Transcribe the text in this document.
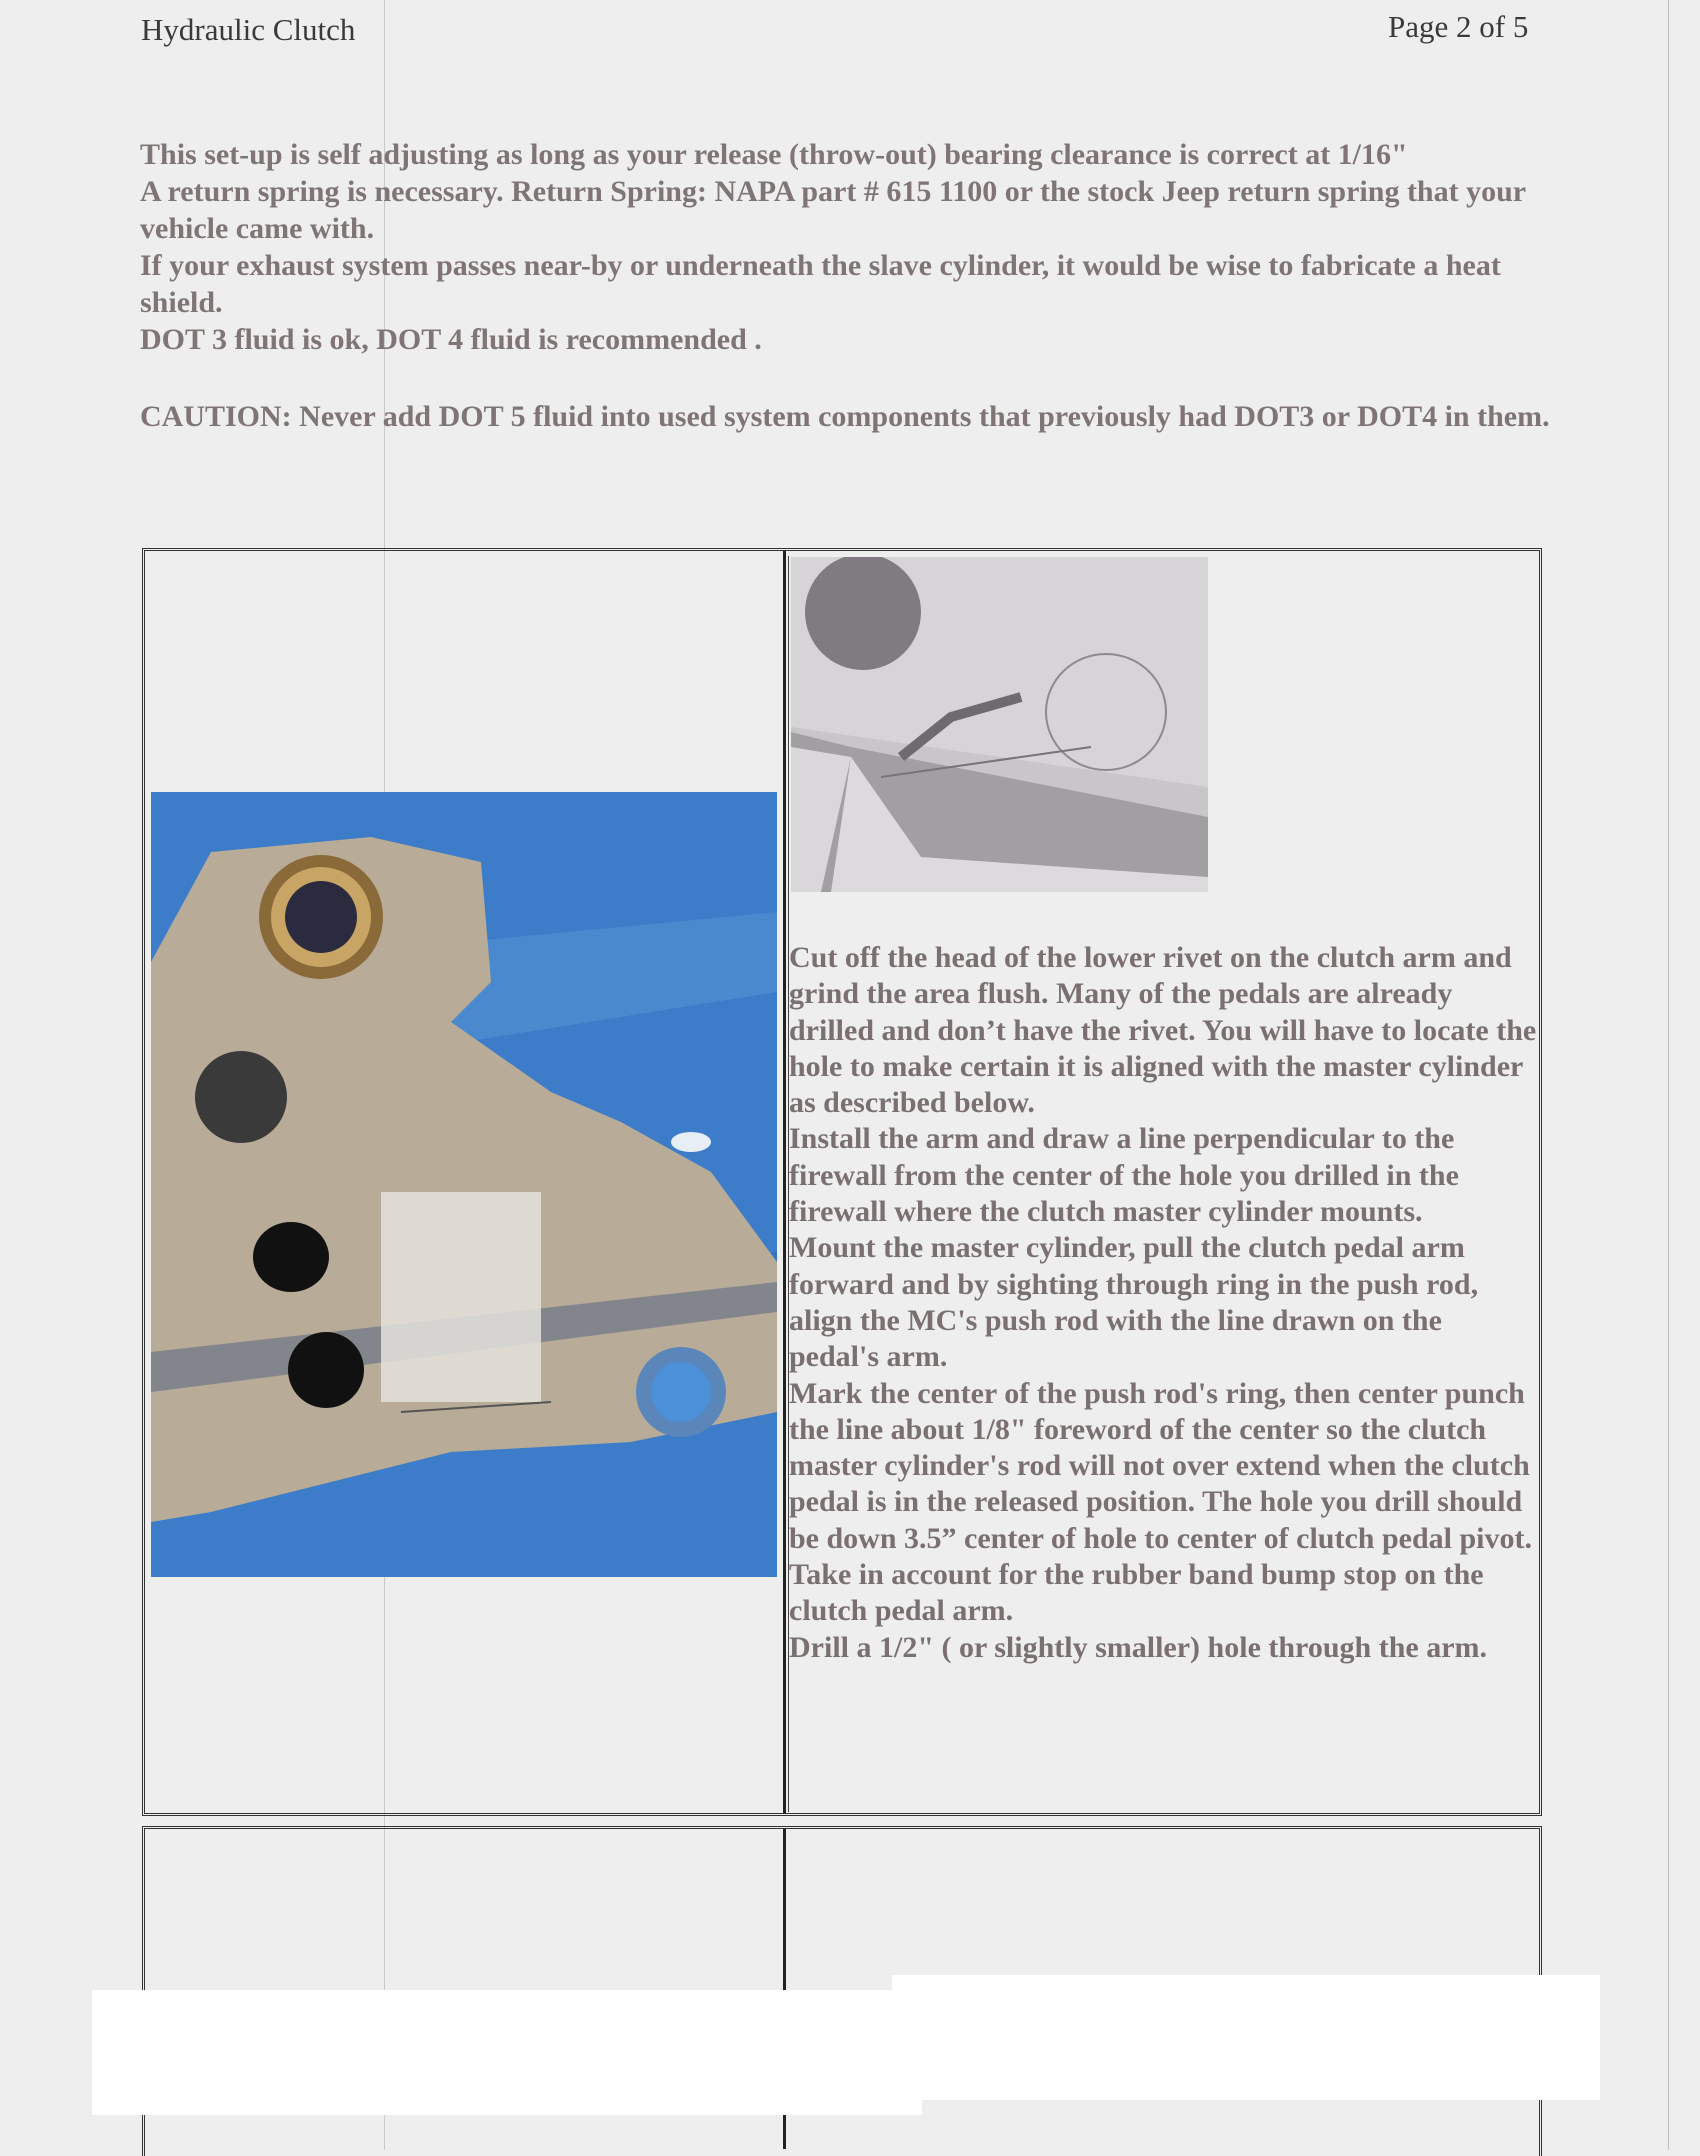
Hydraulic Clutch	Page 2 of 5

This set-up is self adjusting as long as your release (throw-out) bearing clearance is correct at 1/16"

A return spring is necessary. Return Spring: NAPA part # 615 1100 or the stock Jeep return spring that your vehicle came with.

If your exhaust system passes near-by or underneath the slave cylinder, it would be wise to fabricate a heat shield.

DOT 3 fluid is ok, DOT 4 fluid is recommended .

CAUTION: Never add DOT 5 fluid into used system components that previously had DOT3 or DOT4 in them.

Cut off the head of the lower rivet on the clutch arm and grind the area flush. Many of the pedals are already drilled and don’t have the rivet. You will have to locate the hole to make certain it is aligned with the master cylinder as described below.

Install the arm and draw a line perpendicular to the firewall from the center of the hole you drilled in the firewall where the clutch master cylinder mounts.

Mount the master cylinder, pull the clutch pedal arm forward and by sighting through ring in the push rod, align the MC's push rod with the line drawn on the pedal's arm.

Mark the center of the push rod's ring, then center punch the line about 1/8" foreword of the center so the clutch master cylinder's rod will not over extend when the clutch pedal is in the released position. The hole you drill should be down 3.5” center of hole to center of clutch pedal pivot.

Take in account for the rubber band bump stop on the clutch pedal arm.

Drill a 1/2" ( or slightly smaller) hole through the arm.
